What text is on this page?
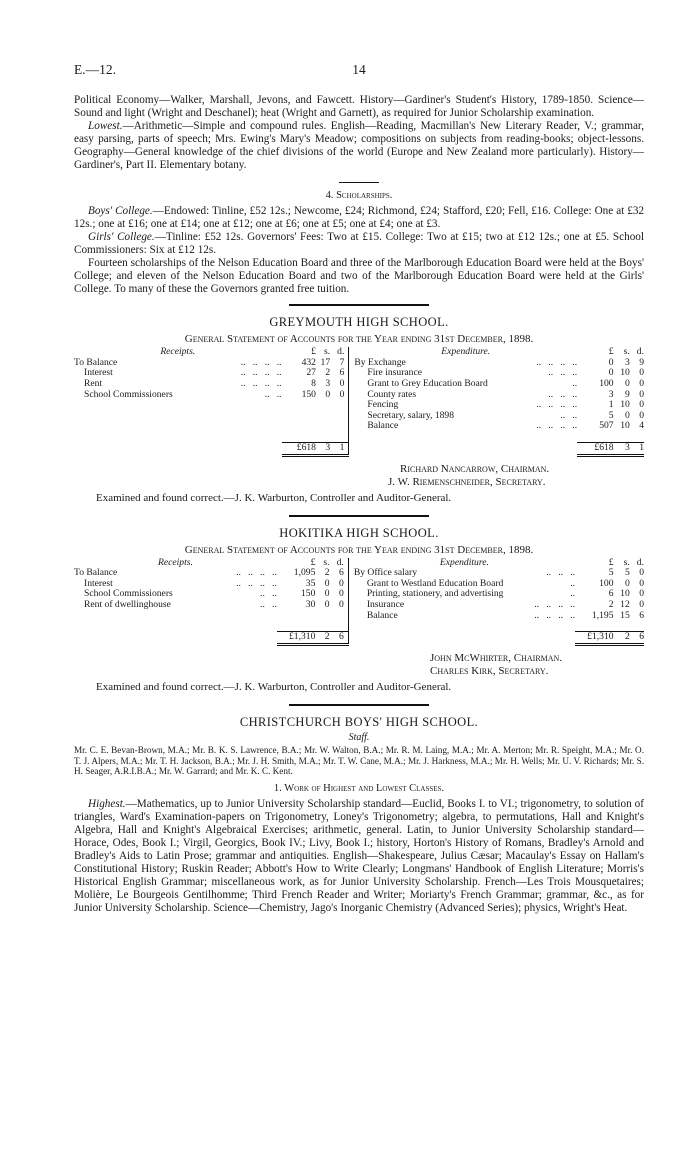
E.—12.	14

Political Economy—Walker, Marshall, Jevons, and Fawcett. History—Gardiner's Student's History, 1789-1850. Science—Sound and light (Wright and Deschanel); heat (Wright and Garnett), as required for Junior Scholarship examination.

Lowest.—Arithmetic—Simple and compound rules. English—Reading, Macmillan's New Literary Reader, V.; grammar, easy parsing, parts of speech; Mrs. Ewing's Mary's Meadow; compositions on subjects from reading-books; object-lessons. Geography—General knowledge of the chief divisions of the world (Europe and New Zealand more particularly). History—Gardiner's, Part II. Elementary botany.

4. Scholarships.

Boys' College.—Endowed: Tinline, £52 12s.; Newcome, £24; Richmond, £24; Stafford, £20; Fell, £16. College: One at £32 12s.; one at £16; one at £14; one at £12; one at £6; one at £5; one at £4; one at £3.

Girls' College.—Tinline: £52 12s. Governors' Fees: Two at £15. College: Two at £15; two at £12 12s.; one at £5. School Commissioners: Six at £12 12s.

Fourteen scholarships of the Nelson Education Board and three of the Marlborough Education Board were held at the Boys' College; and eleven of the Nelson Education Board and two of the Marlborough Education Board were held at the Girls' College. To many of these the Governors granted free tuition.

GREYMOUTH HIGH SCHOOL.
General Statement of Accounts for the Year ending 31st December, 1898.
Receipts.	£	s.	d.	Expenditure.	£	s.	d.
To Balance ..   ..   ..   ..	432	17	7	By Exchange ..   ..   ..   ..	0	3	9
Interest ..   ..   ..   ..	27	2	6	Fire insurance ..   ..   ..	0	10	0
Rent ..   ..   ..   ..	8	3	0	Grant to Grey Education Board ..	100	0	0
School Commissioners ..   ..	150	0	0	County rates ..   ..   ..	3	9	0
				Fencing ..   ..   ..   ..	1	10	0
				Secretary, salary, 1898 ..   ..	5	0	0
				Balance ..   ..   ..   ..	507	10	4

	£618	3	1		£618	3	1
Richard Nancarrow, Chairman.
J. W. Riemenschneider, Secretary.
Examined and found correct.—J. K. Warburton, Controller and Auditor-General.
HOKITIKA HIGH SCHOOL.
General Statement of Accounts for the Year ending 31st December, 1898.
Receipts.	£	s.	d.	Expenditure.	£	s.	d.
To Balance ..   ..   ..   ..	1,095	2	6	By Office salary ..   ..   ..	5	5	0
Interest ..   ..   ..   ..	35	0	0	Grant to Westland Education Board ..	100	0	0
School Commissioners ..   ..	150	0	0	Printing, stationery, and advertising ..	6	10	0
Rent of dwellinghouse ..   ..	30	0	0	Insurance ..   ..   ..   ..	2	12	0
				Balance ..   ..   ..   ..	1,195	15	6

	£1,310	2	6		£1,310	2	6
John McWhirter, Chairman.
Charles Kirk, Secretary.
Examined and found correct.—J. K. Warburton, Controller and Auditor-General.
CHRISTCHURCH BOYS' HIGH SCHOOL.
Staff.

Mr. C. E. Bevan-Brown, M.A.; Mr. B. K. S. Lawrence, B.A.; Mr. W. Walton, B.A.; Mr. R. M. Laing, M.A.; Mr. A. Merton; Mr. R. Speight, M.A.; Mr. O. T. J. Alpers, M.A.; Mr. T. H. Jackson, B.A.; Mr. J. H. Smith, M.A.; Mr. T. W. Cane, M.A.; Mr. J. Harkness, M.A.; Mr. H. Wells; Mr. U. V. Richards; Mr. S. H. Seager, A.R.I.B.A.; Mr. W. Garrard; and Mr. K. C. Kent.

1. Work of Highest and Lowest Classes.

Highest.—Mathematics, up to Junior University Scholarship standard—Euclid, Books I. to VI.; trigonometry, to solution of triangles, Ward's Examination-papers on Trigonometry, Loney's Trigonometry; algebra, to permutations, Hall and Knight's Algebra, Hall and Knight's Algebraical Exercises; arithmetic, general. Latin, to Junior University Scholarship standard—Horace, Odes, Book I.; Virgil, Georgics, Book IV.; Livy, Book I.; history, Horton's History of Romans, Bradley's Arnold and Bradley's Aids to Latin Prose; grammar and antiquities. English—Shakespeare, Julius Cæsar; Macaulay's Essay on Hallam's Constitutional History; Ruskin Reader; Abbott's How to Write Clearly; Longmans' Handbook of English Literature; Morris's Historical English Grammar; miscellaneous work, as for Junior University Scholarship. French—Les Trois Mousquetaires; Molière, Le Bourgeois Gentilhomme; Third French Reader and Writer; Moriarty's French Grammar; grammar, &c., as for Junior University Scholarship. Science—Chemistry, Jago's Inorganic Chemistry (Advanced Series); physics, Wright's Heat.
